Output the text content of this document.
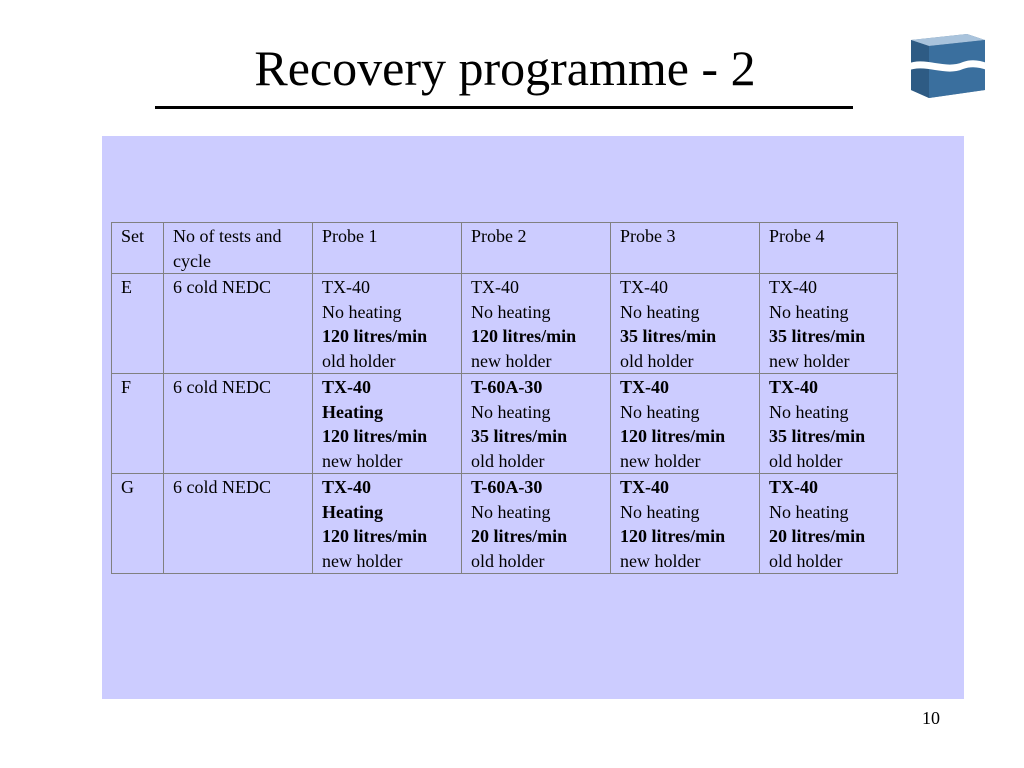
Recovery programme - 2
Set	No of tests and cycle	Probe 1	Probe 2	Probe 3	Probe 4
E	6 cold NEDC	TX-40
No heating
120 litres/min
old holder	TX-40
No heating
120 litres/min
new holder	TX-40
No heating
35 litres/min
old holder	TX-40
No heating
35 litres/min
new holder

F	6 cold NEDC	TX-40
Heating
120 litres/min
new holder	T-60A-30
No heating
35 litres/min
old holder	TX-40
No heating
120 litres/min
new holder	TX-40
No heating
35 litres/min
old holder

G	6 cold NEDC	TX-40
Heating
120 litres/min
new holder	T-60A-30
No heating
20 litres/min
old holder	TX-40
No heating
120 litres/min
new holder	TX-40
No heating
20 litres/min
old holder
10
